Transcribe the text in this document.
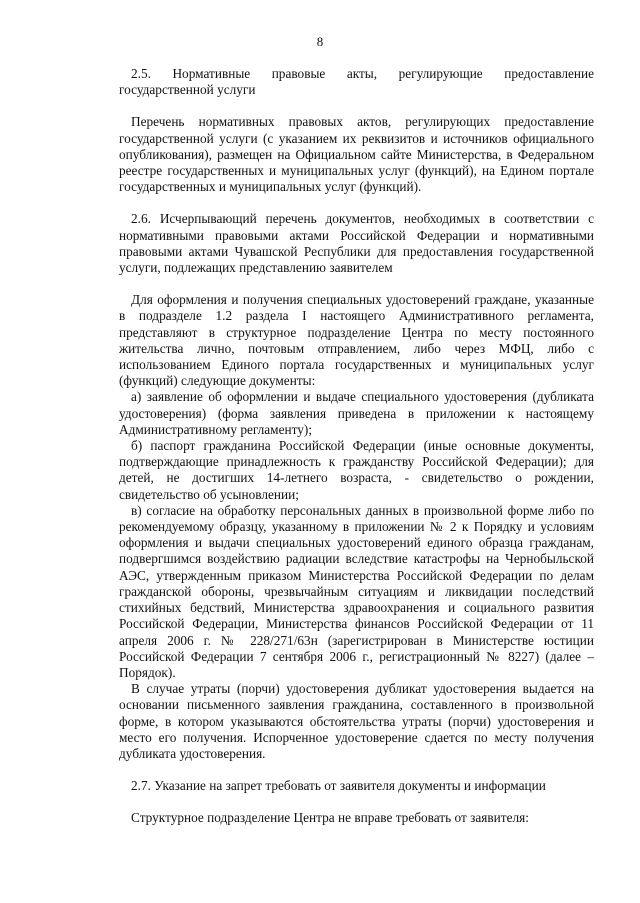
8

2.5. Нормативные правовые акты, регулирующие предоставление государственной услуги

Перечень нормативных правовых актов, регулирующих предоставление государственной услуги (с указанием их реквизитов и источников официального опубликования), размещен на Официальном сайте Министерства, в Федеральном реестре государственных и муниципальных услуг (функций), на Едином портале государственных и муниципальных услуг (функций).

2.6. Исчерпывающий перечень документов, необходимых в соответствии с нормативными правовыми актами Российской Федерации и нормативными правовыми актами Чувашской Республики для предоставления государственной услуги, подлежащих представлению заявителем

Для оформления и получения специальных удостоверений граждане, указанные в подразделе 1.2 раздела I настоящего Административного регламента, представляют в структурное подразделение Центра по месту постоянного жительства лично, почтовым отправлением, либо через МФЦ, либо с использованием Единого портала государственных и муниципальных услуг (функций) следующие документы:

а) заявление об оформлении и выдаче специального удостоверения (дубликата удостоверения) (форма заявления приведена в приложении к настоящему Административному регламенту);

б) паспорт гражданина Российской Федерации (иные основные документы, подтверждающие принадлежность к гражданству Российской Федерации); для детей, не достигших 14-летнего возраста, - свидетельство о рождении, свидетельство об усыновлении;

в) согласие на обработку персональных данных в произвольной форме либо по рекомендуемому образцу, указанному в приложении № 2 к Порядку и условиям оформления и выдачи специальных удостоверений единого образца гражданам, подвергшимся воздействию радиации вследствие катастрофы на Чернобыльской АЭС, утвержденным приказом Министерства Российской Федерации по делам гражданской обороны, чрезвычайным ситуациям и ликвидации последствий стихийных бедствий, Министерства здравоохранения и социального развития Российской Федерации, Министерства финансов Российской Федерации от 11 апреля 2006 г. № 228/271/63н (зарегистрирован в Министерстве юстиции Российской Федерации 7 сентября 2006 г., регистрационный № 8227) (далее – Порядок).

В случае утраты (порчи) удостоверения дубликат удостоверения выдается на основании письменного заявления гражданина, составленного в произвольной форме, в котором указываются обстоятельства утраты (порчи) удостоверения и место его получения. Испорченное удостоверение сдается по месту получения дубликата удостоверения.

2.7. Указание на запрет требовать от заявителя документы и информации

Структурное подразделение Центра не вправе требовать от заявителя:
